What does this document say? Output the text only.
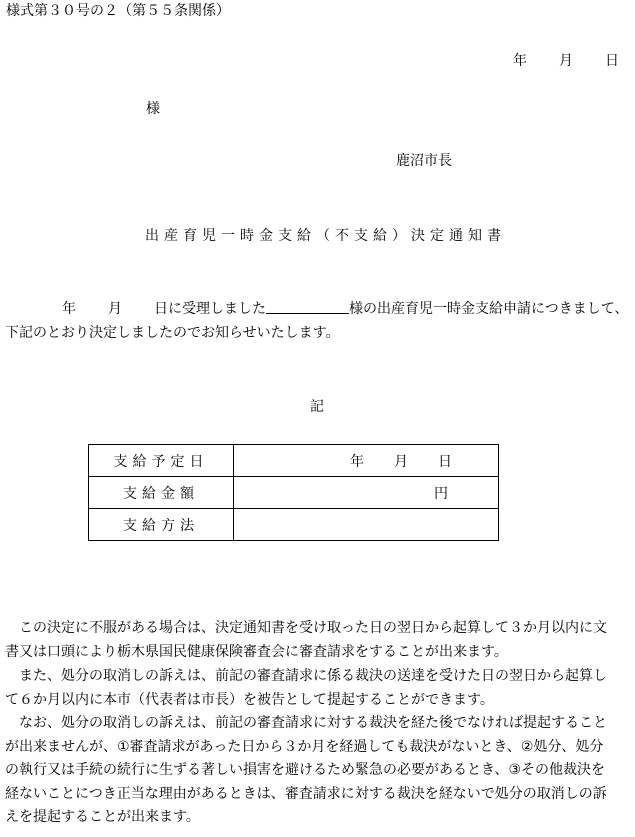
様式第３０号の２（第５５条関係）
年 月 日
様
鹿沼市長
出産育児一時金支給（不支給）決定通知書
年 月 日に受理しました	様の出産育児一時金支給申請につきまして、
下記のとおり決定しましたのでお知らせいたします。
記
支給予定日	年 月 日

支給金額	円

支給方法	
この決定に不服がある場合は、決定通知書を受け取った日の翌日から起算して３か月以内に文
書又は口頭により栃木県国民健康保険審査会に審査請求をすることが出来ます。
また、処分の取消しの訴えは、前記の審査請求に係る裁決の送達を受けた日の翌日から起算し
て６か月以内に本市（代表者は市長）を被告として提起することができます。
なお、処分の取消しの訴えは、前記の審査請求に対する裁決を経た後でなければ提起すること
が出来ませんが、①審査請求があった日から３か月を経過しても裁決がないとき、②処分、処分
の執行又は手続の続行に生ずる著しい損害を避けるため緊急の必要があるとき、③その他裁決を
経ないことにつき正当な理由があるときは、審査請求に対する裁決を経ないで処分の取消しの訴
えを提起することが出来ます。
